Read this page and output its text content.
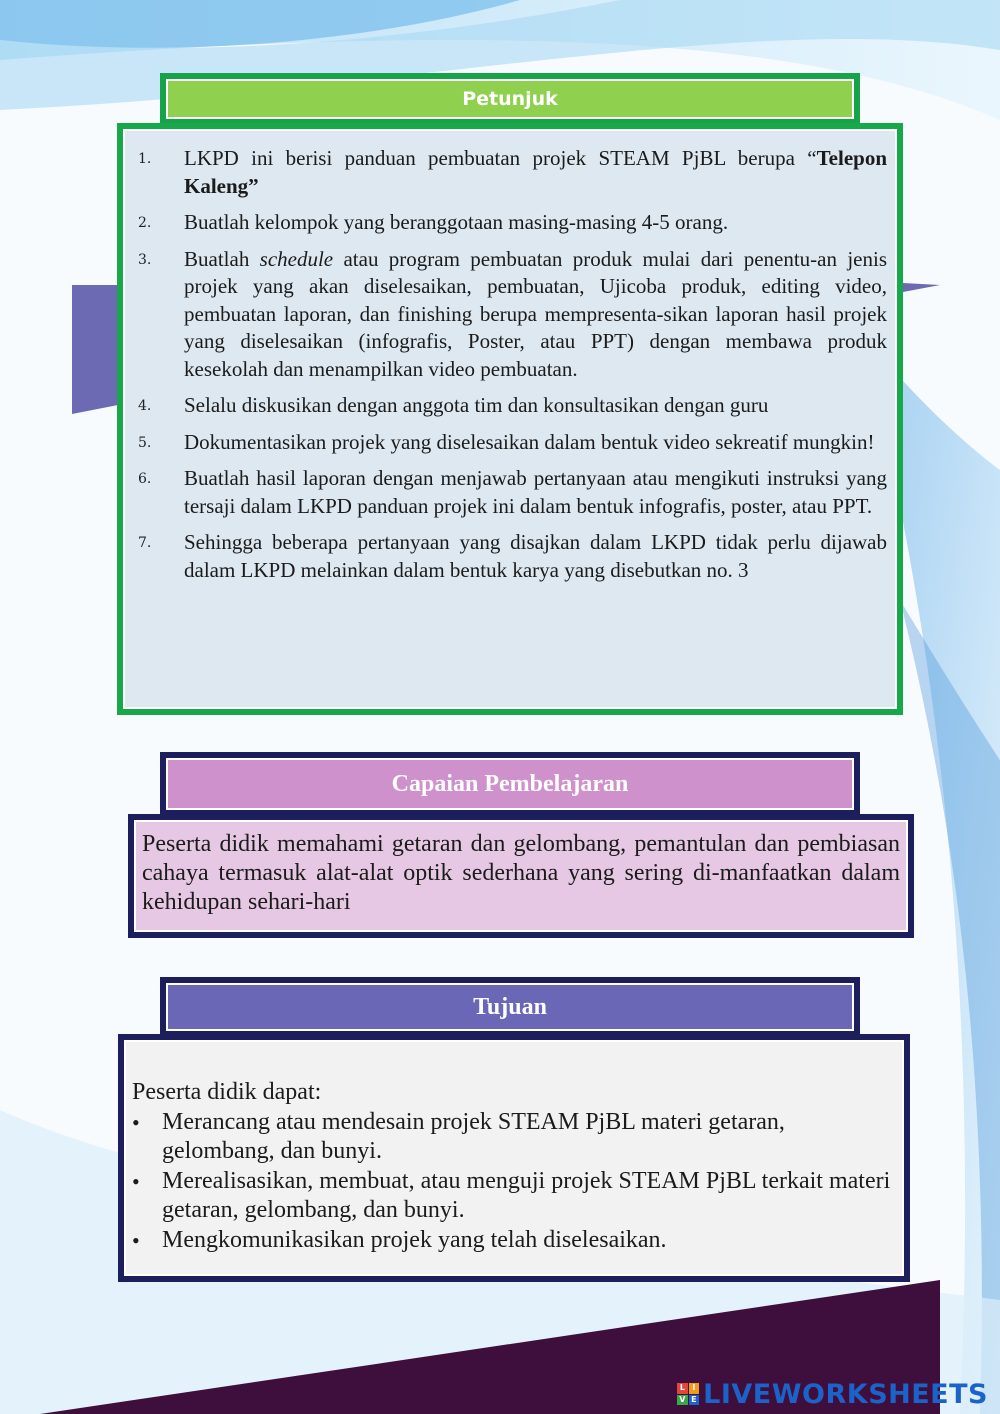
Petunjuk
1.	LKPD ini berisi panduan pembuatan projek STEAM PjBL berupa “Telepon Kaleng”
2.	Buatlah kelompok yang beranggotaan masing-masing 4-5 orang.
3.	Buatlah schedule atau program pembuatan produk mulai dari penentu-an jenis projek yang akan diselesaikan, pembuatan, Ujicoba produk, editing video, pembuatan laporan, dan finishing berupa mempresenta-sikan laporan hasil projek yang diselesaikan (infografis, Poster, atau PPT) dengan membawa produk kesekolah dan menampilkan video pembuatan.
4.	Selalu diskusikan dengan anggota tim dan konsultasikan dengan guru
5.	Dokumentasikan projek yang diselesaikan dalam bentuk video sekreatif mungkin!
6.	Buatlah hasil laporan dengan menjawab pertanyaan atau mengikuti instruksi yang tersaji dalam LKPD panduan projek ini dalam bentuk infografis, poster, atau PPT.
7.	Sehingga beberapa pertanyaan yang disajkan dalam LKPD tidak perlu dijawab dalam LKPD melainkan dalam bentuk karya yang disebutkan no. 3
Capaian Pembelajaran
Peserta didik memahami getaran dan gelombang, pemantulan dan pembiasan cahaya termasuk alat-alat optik sederhana yang sering di-manfaatkan dalam kehidupan sehari-hari
Tujuan
Peserta didik dapat:
• Merancang atau mendesain projek STEAM PjBL materi getaran, gelombang, dan bunyi.
• Merealisasikan, membuat, atau menguji projek STEAM PjBL terkait materi getaran, gelombang, dan bunyi.
• Mengkomunikasikan projek yang telah diselesaikan.
L I
V E LIVEWORKSHEETS
